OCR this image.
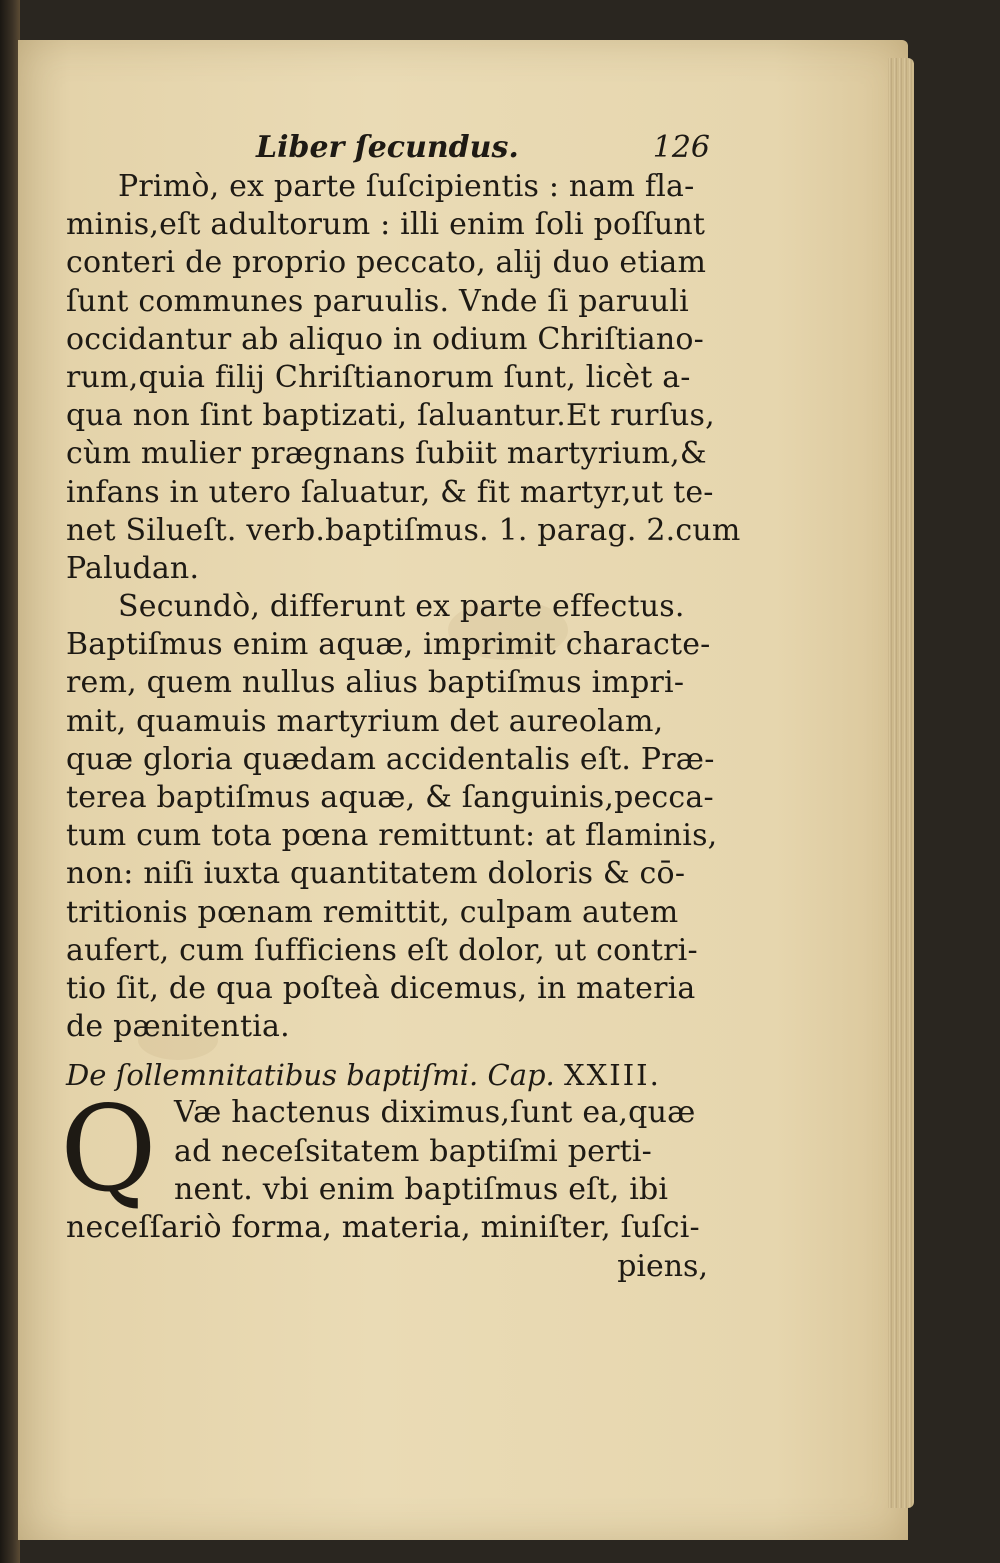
Liber ſecundus.	126
Primò, ex parte ſuſcipientis : nam fla-
minis,eſt adultorum : illi enim ſoli poſſunt
conteri de proprio peccato, alij duo etiam
ſunt communes paruulis. Vnde ſi paruuli
occidantur ab aliquo in odium Chriſtiano-
rum,quia filij Chriſtianorum ſunt, licèt a-
qua non ſint baptizati, ſaluantur.Et rurſus,
cùm mulier prægnans ſubiit martyrium,&
infans in utero ſaluatur, & fit martyr,ut te-
net Silueſt. verb.baptiſmus. 1. parag. 2.cum
Paludan.
Secundò, differunt ex parte effectus.
Baptiſmus enim aquæ, imprimit characte-
rem, quem nullus alius baptiſmus impri-
mit, quamuis martyrium det aureolam,
quæ gloria quædam accidentalis eſt. Præ-
terea baptiſmus aquæ, & ſanguinis,pecca-
tum cum tota pœna remittunt: at flaminis,
non: niſi iuxta quantitatem doloris & cō-
tritionis pœnam remittit, culpam autem
aufert, cum ſufficiens eſt dolor, ut contri-
tio ſit, de qua poſteà dicemus, in materia
de pænitentia.
De ſollemnitatibus baptiſmi. Cap. XXIII.
Q Væ hactenus diximus,ſunt ea,quæ
ad neceſsitatem baptiſmi perti-
nent. vbi enim baptiſmus eſt, ibi
neceſſariò forma, materia, miniſter, ſuſci-
piens,
